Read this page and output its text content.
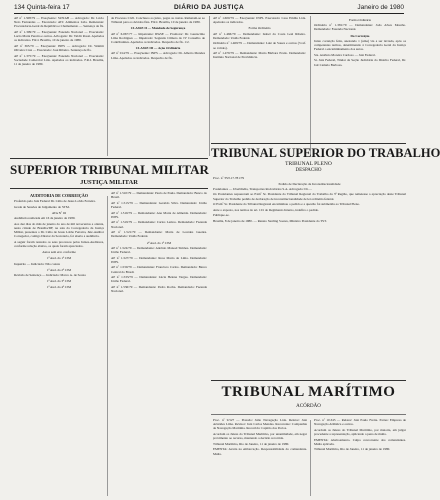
134 Quinta-feira 17	DIÁRIO DA JUSTIÇA	Janeiro de 1980

AP nº 1.308/79 — Exeq'uente: SUNAB — Advogado: Dr. Lúcio Neto Fernandes — Executado: ATC Alimentos Ltda. Remetente: Procuradoria-Geral da República e Chamamento — Sentença de fls.

AP nº 1.309/79 — Exeq'uente: Fazenda Nacional — Executado: Lucia Maria Pereira e outros. Advogado: Dr. Valdir Rossi. Apelados os indicados. F.R.I. Brasília, 10 de janeiro de 1980.

AP nº 365/79 — Exeq'uente: INPS — Advogado: Dr. Walmir Oliveira Cruz — Executado: José Ribeiro. Sentença de fls.

AP nº 1.375/79 — Exeq'uente: Fazenda Nacional — Executado: Sociedade Comercial Ltda. Apelados os indicados. F.R.I. Brasília, 11 de janeiro de 1980.

de Processo Civil. Conclusos ao juízo, pagas as custas. Remetam-se ao Tribunal para os devidos fins. F.R.I. Brasília, 10 de janeiro de 1980.

CLASSE II — Mandado de Segurança

AP nº 6.067/77 — Impetrante: IPASE — Promotor: Dr. Guaracimo Lima Rodrigues — Impetrado: Segunda Câmara do IV Conselho de Contribuintes. Apelados os indicados. Despacho de fls. 1/2.

CLASSE III — Ação Ordinária

AP nº 014/79 — Exeq'uente: INPS — Advogado: Dr. Alberto Mendes Lima. Apelados os indicados. Despacho de fls.

AP nº 1.600/79 — Exeq'uente: INPS. Executado: Casa Emília Ltda. Apelados os indicados.

Forma Ordinária

AP nº 1.466/79 — Demandante: Isabel da Costa Leal Ribeiro. Demandado: União Federal.

Ordinária nº 1.469/79 — Demandante: Luiz de Souza e outros (3 ref. ao 4 mais).

AP nº 1.479/79 — Demandante: Maria Bárbara Prado. Demandado: Instituto Nacional de Previdência.

Forma Ordinária

Ordinária nº 1.381/79 — Demandante: João Alves Mourão. Demandado: Fazenda Nacional.

Da Correição

Junto correição feita, anexando 1 (uma) via a ser lavrada, após os competentes termos, determinando à Corregedoria Geral da Justiça Federal o encaminhamento dos autos.

Srs. Antônio Moreira Cardoso — Juiz Federal.

Sr. Juiz Federal, Titular da Seção Judiciária do Distrito Federal, Dr. Jair Camelo Barbosa.

TRIBUNAL SUPERIOR DO TRABALHO
TRIBUNAL PLENO
DESPACHO
SUPERIOR TRIBUNAL MILITAR
JUSTIÇA MILITAR
AUDITORIA DE CORREIÇÃO

Proferido pelo Juiz Federal Dr. Célio de Jesus Lobão Ferreira.

Grade de Sessões de Julgamento do STM.

ATA Nº 02

Audiência realizada em 16 de janeiro de 1980.

Aos dez dias do mês de janeiro do ano de mil novecentos e oitenta, nesta cidade de Brasília/DF, na sala da Corregedoria da Justiça Militar, presentes o Dr. Célio de Jesus Lobão Ferreira, Juiz-Auditor Corregedor, comigo Diretor da Secretaria, foi aberta a audiência.

A seguir foram restados os seus processos pelos Juízes-Auditores, conforme relação abaixo, os quais foram apreciados.

Autos sem erro conforme
1ª Aud. da 1ª CJM

Inquérito — Indiciado: Não consta

1ª Aud. da 2ª CJM

Revisão de Sentença — Indiciado: Marco A. de Souza

1ª Aud. da 3ª CJM
1ª Aud. da 4ª CJM

AP nº 1.510/79 — Demandante: Paulo de Paula. Demandado: Banco do Brasil.

AP nº 1.513/79 — Demandante: Geraldo Silva. Demandado: União Federal.

AP nº 1.516/79 — Demandante: Ana Maria de Almeida. Demandado: INPS.

AP nº 1.519/79 — Demandante: Carlos Lemos. Demandado: Fazenda Nacional.

AP nº 1.521/79 — Demandante: Maria de Lourdes Guedes. Demandado: União Federal.

2ª Aud. da 1ª CJM

AP nº 1.524/79 — Demandante: Antônio Manoel Simões. Demandado: União Federal.

AP nº 1.527/79 — Demandante: Rosa Maria de Lima. Demandado: INPS.

AP nº 1.530/79 — Demandante: Francisco Carlos. Demandado: Banco Central do Brasil.

AP nº 1.533/79 — Demandante: Lúcia Helena Vargas. Demandado: União Federal.

AP nº 1.536/79 — Demandante: Pedro Rocha. Demandado: Fazenda Nacional.

Proc. nº TST-17.781/79

Pedido de Declaração de Inconstitucionalidade

Postulantes — Uberlândia, Transportes Rodoviários S.A. Advogado: Dr. ...

Os Postulantes requereram ao Exmº Sr. Presidente do Tribunal Regional do Trabalho da 3ª Região, que remetesse a apreciação deste Tribunal Superior do Trabalho pedido de declaração de inconstitucionalidade de lei ordinária federal.

O Exmº Sr. Presidente do Tribunal Regional encaminhou o pedido e a questão foi submetida ao Tribunal Pleno.

Ante o exposto, nos termos do art. 101 do Regimento Interno, indefiro o pedido.

Publique-se.

Brasília, 8 de janeiro de 1980. — Renato Sterling Soares, Ministro Presidente do TST.

TRIBUNAL MARÍTIMO
ACÓRDÃO

Proc. nº 9.527 — Pressão: Julio Navegação Ltda. Relator: Juiz Aristides Lima. Revisor: Juiz Carlos Mendes. Recorrente: Companhia de Navegação Marítima. Recorrido: Capitão dos Portos.

Acordam os Juízes do Tribunal Marítimo, por unanimidade, em negar provimento ao recurso, mantendo a decisão recorrida.

Tribunal Marítimo, Rio de Janeiro, 11 de janeiro de 1980.

EMENTA: Avaria na embarcação. Responsabilidade do comandante. Multa.

Proc. nº 10.345 — Relator: Juiz Paulo Freire. Partes: Empresa de Navegação Atlântica e outros.

Acordam os Juízes do Tribunal Marítimo, por maioria, em julgar procedente a representação, aplicando a pena de multa.

EMENTA: Abalroamento. Culpa concorrente dos comandantes. Multa aplicada.

Tribunal Marítimo, Rio de Janeiro, 11 de janeiro de 1980.
